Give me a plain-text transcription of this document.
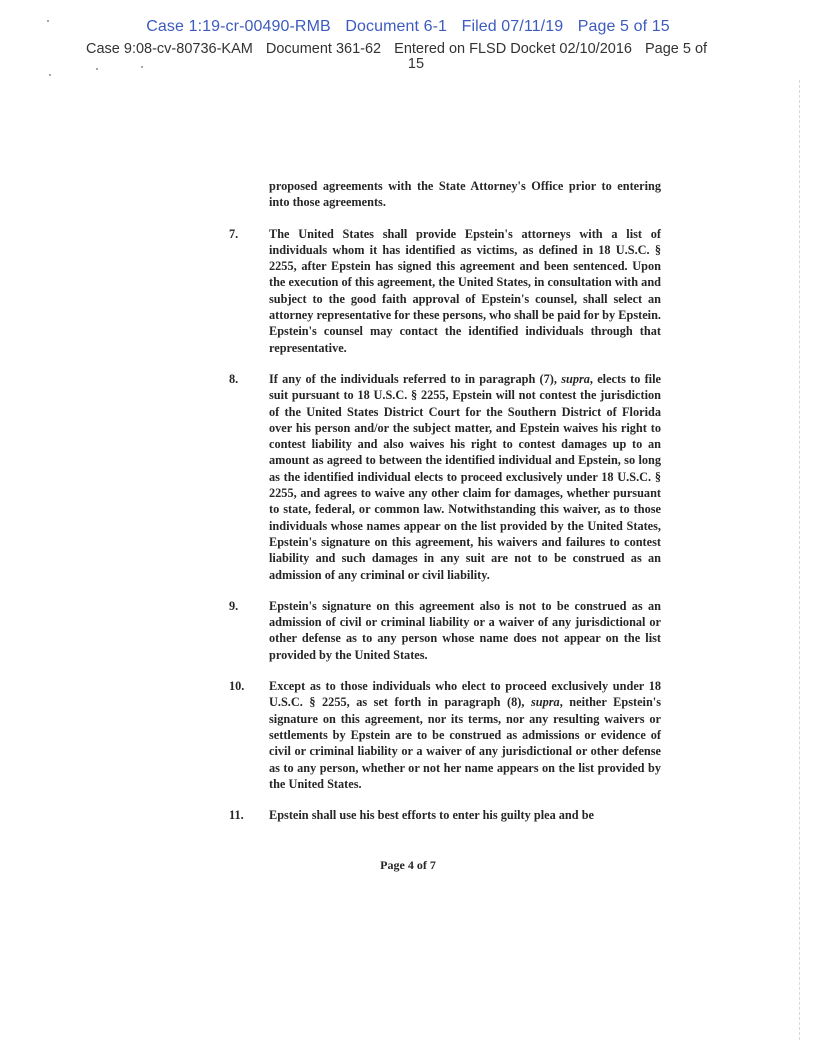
Case 1:19-cr-00490-RMB Document 6-1 Filed 07/11/19 Page 5 of 15
Case 9:08-cv-80736-KAM Document 361-62 Entered on FLSD Docket 02/10/2016 Page 5 of
15
proposed agreements with the State Attorney's Office prior to entering into those agreements.
7.	The United States shall provide Epstein's attorneys with a list of individuals whom it has identified as victims, as defined in 18 U.S.C. § 2255, after Epstein has signed this agreement and been sentenced. Upon the execution of this agreement, the United States, in consultation with and subject to the good faith approval of Epstein's counsel, shall select an attorney representative for these persons, who shall be paid for by Epstein. Epstein's counsel may contact the identified individuals through that representative.
8.	If any of the individuals referred to in paragraph (7), supra, elects to file suit pursuant to 18 U.S.C. § 2255, Epstein will not contest the jurisdiction of the United States District Court for the Southern District of Florida over his person and/or the subject matter, and Epstein waives his right to contest liability and also waives his right to contest damages up to an amount as agreed to between the identified individual and Epstein, so long as the identified individual elects to proceed exclusively under 18 U.S.C. § 2255, and agrees to waive any other claim for damages, whether pursuant to state, federal, or common law. Notwithstanding this waiver, as to those individuals whose names appear on the list provided by the United States, Epstein's signature on this agreement, his waivers and failures to contest liability and such damages in any suit are not to be construed as an admission of any criminal or civil liability.
9.	Epstein's signature on this agreement also is not to be construed as an admission of civil or criminal liability or a waiver of any jurisdictional or other defense as to any person whose name does not appear on the list provided by the United States.
10.	Except as to those individuals who elect to proceed exclusively under 18 U.S.C. § 2255, as set forth in paragraph (8), supra, neither Epstein's signature on this agreement, nor its terms, nor any resulting waivers or settlements by Epstein are to be construed as admissions or evidence of civil or criminal liability or a waiver of any jurisdictional or other defense as to any person, whether or not her name appears on the list provided by the United States.
11.	Epstein shall use his best efforts to enter his guilty plea and be
Page 4 of 7
